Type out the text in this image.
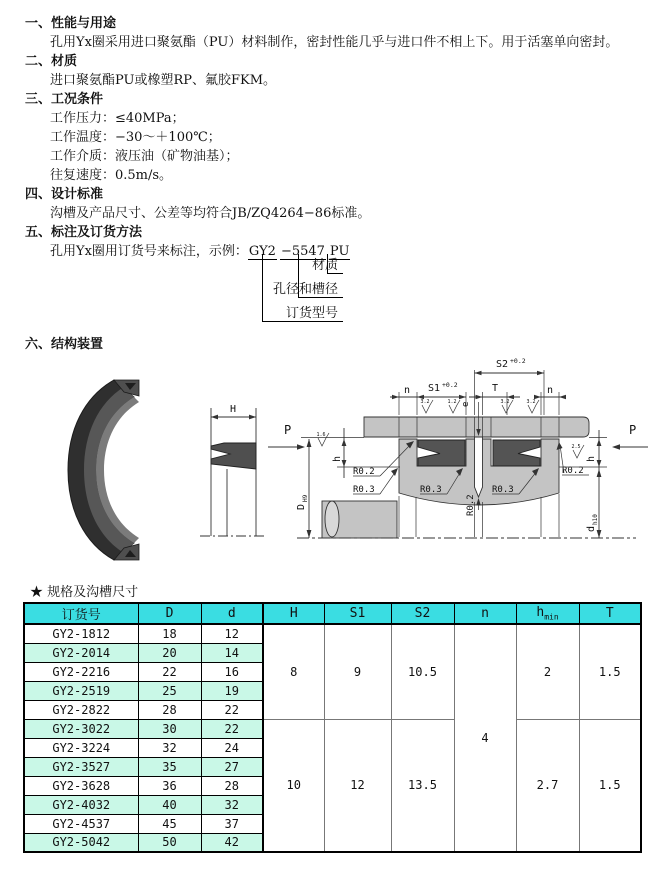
一、性能与用途
孔用Yx圈采用进口聚氨酯（PU）材料制作，密封性能几乎与进口件不相上下。用于活塞单向密封。
二、材质
进口聚氨酯PU或橡塑RP、氟胶FKM。
三、工况条件
工作压力：≤40MPa；
工作温度：−30～＋100℃；
工作介质：液压油（矿物油基）；
往复速度：0.5m/s。
四、设计标准
沟槽及产品尺寸、公差等均符合JB/ZQ4264−86标准。
五、标注及订货方法
孔用Yx圈用订货号来标注，示例：GY2 −5547 PU
材质
孔径和槽径
订货型号
六、结构装置
H
n S1 +0.2
S2 +0.2
T	n
e
3.2	1.2	3.2	3.2
P	P
1.6
D
H9
h
R0.2
R0.3	R0.3
R0.2
R0.3
R0.2
2.5
h
d
h10
★ 规格及沟槽尺寸
订货号	D	d	H	S1	S2	n	$h_{min}$	T
GY2-1812	18	12	8	9	10.5	4	2	1.5
GY2-2014	20	14						
GY2-2216	22	16						
GY2-2519	25	19						
GY2-2822	28	22						
GY2-3022	30	22	10	12	13.5		2.7	1.5
GY2-3224	32	24						
GY2-3527	35	27						
GY2-3628	36	28						
GY2-4032	40	32						
GY2-4537	45	37						
GY2-5042	50	42						
